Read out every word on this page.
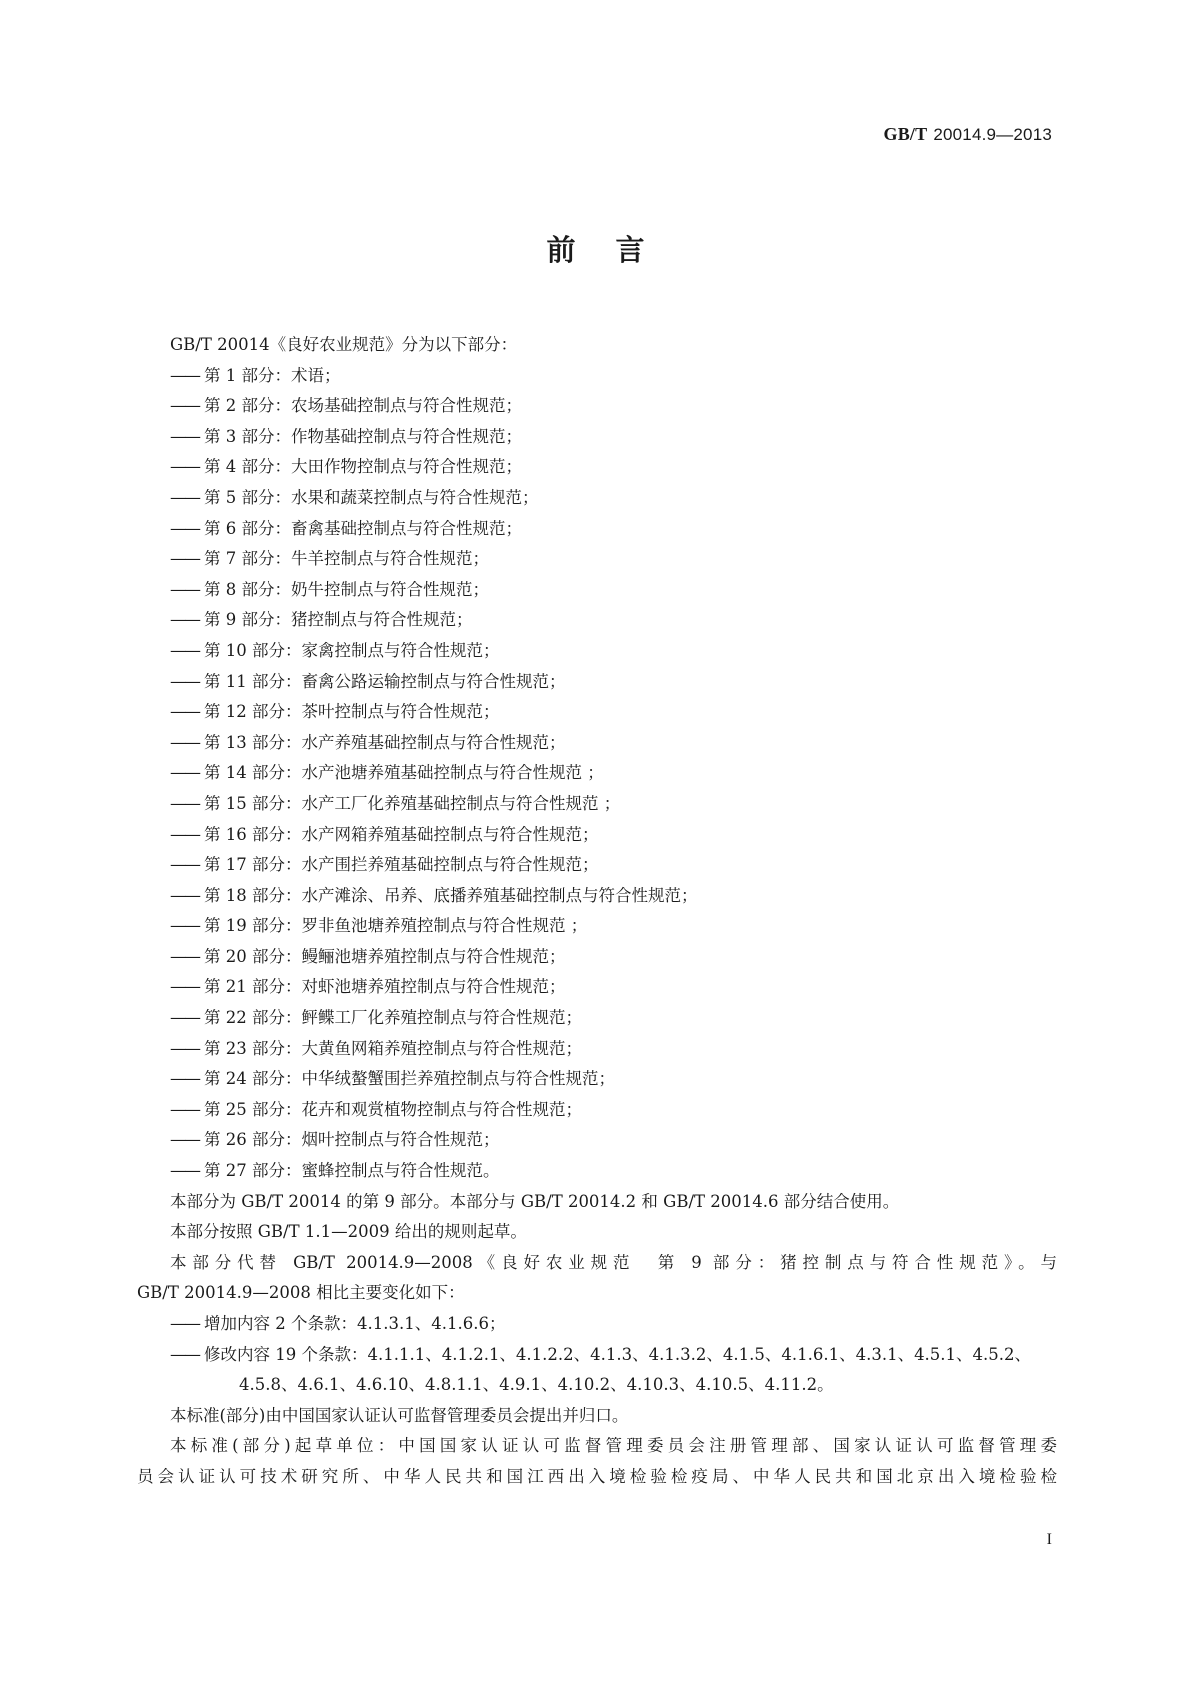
GB/T 20014.9—2013
前言
GB/T 20014《良好农业规范》分为以下部分：
—— 第 1 部分：术语；
—— 第 2 部分：农场基础控制点与符合性规范；
—— 第 3 部分：作物基础控制点与符合性规范；
—— 第 4 部分：大田作物控制点与符合性规范；
—— 第 5 部分：水果和蔬菜控制点与符合性规范；
—— 第 6 部分：畜禽基础控制点与符合性规范；
—— 第 7 部分：牛羊控制点与符合性规范；
—— 第 8 部分：奶牛控制点与符合性规范；
—— 第 9 部分：猪控制点与符合性规范；
—— 第 10 部分：家禽控制点与符合性规范；
—— 第 11 部分：畜禽公路运输控制点与符合性规范；
—— 第 12 部分：茶叶控制点与符合性规范；
—— 第 13 部分：水产养殖基础控制点与符合性规范；
—— 第 14 部分：水产池塘养殖基础控制点与符合性规范 ；
—— 第 15 部分：水产工厂化养殖基础控制点与符合性规范 ；
—— 第 16 部分：水产网箱养殖基础控制点与符合性规范；
—— 第 17 部分：水产围拦养殖基础控制点与符合性规范；
—— 第 18 部分：水产滩涂、吊养、底播养殖基础控制点与符合性规范；
—— 第 19 部分：罗非鱼池塘养殖控制点与符合性规范 ；
—— 第 20 部分：鳗鲡池塘养殖控制点与符合性规范；
—— 第 21 部分：对虾池塘养殖控制点与符合性规范；
—— 第 22 部分：鲆鲽工厂化养殖控制点与符合性规范；
—— 第 23 部分：大黄鱼网箱养殖控制点与符合性规范；
—— 第 24 部分：中华绒螯蟹围拦养殖控制点与符合性规范；
—— 第 25 部分：花卉和观赏植物控制点与符合性规范；
—— 第 26 部分：烟叶控制点与符合性规范；
—— 第 27 部分：蜜蜂控制点与符合性规范。
本部分为 GB/T 20014 的第 9 部分。本部分与 GB/T 20014.2 和 GB/T 20014.6 部分结合使用。
本部分按照 GB/T 1.1—2009 给出的规则起草。
本部分代替 GB/T 20014.9—2008《良好农业规范　第 9 部分：猪控制点与符合性规范》。与
GB/T 20014.9—2008 相比主要变化如下：
—— 增加内容 2 个条款：4.1.3.1、4.1.6.6；
—— 修改内容 19 个条款：4.1.1.1、4.1.2.1、4.1.2.2、4.1.3、4.1.3.2、4.1.5、4.1.6.1、4.3.1、4.5.1、4.5.2、
4.5.8、4.6.1、4.6.10、4.8.1.1、4.9.1、4.10.2、4.10.3、4.10.5、4.11.2。
本标准(部分)由中国国家认证认可监督管理委员会提出并归口。
本标准(部分)起草单位：中国国家认证认可监督管理委员会注册管理部、国家认证认可监督管理委
员会认证认可技术研究所、中华人民共和国江西出入境检验检疫局、中华人民共和国北京出入境检验检
I
